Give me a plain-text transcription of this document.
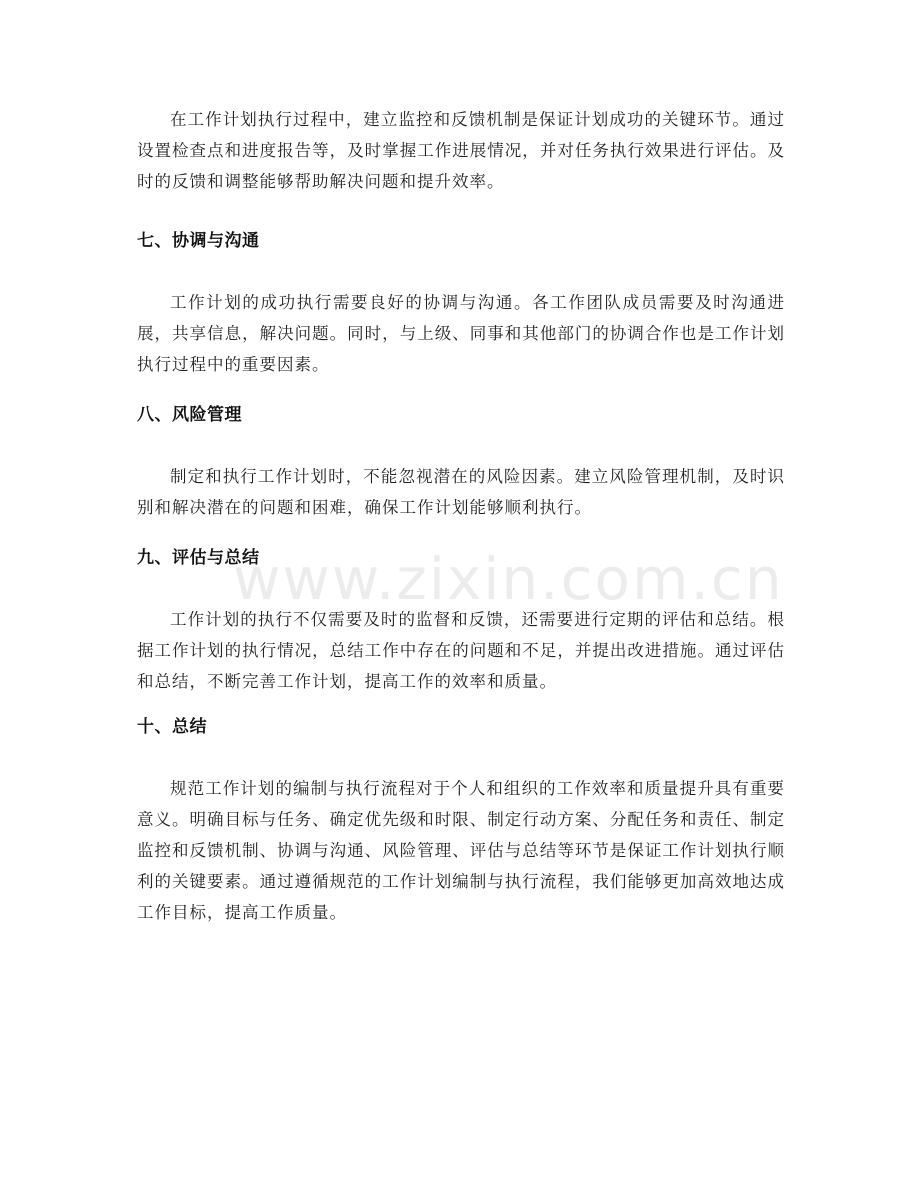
在工作计划执行过程中，建立监控和反馈机制是保证计划成功的关键环节。通过设置检查点和进度报告等，及时掌握工作进展情况，并对任务执行效果进行评估。及时的反馈和调整能够帮助解决问题和提升效率。

七、协调与沟通

工作计划的成功执行需要良好的协调与沟通。各工作团队成员需要及时沟通进展，共享信息，解决问题。同时，与上级、同事和其他部门的协调合作也是工作计划执行过程中的重要因素。

八、风险管理

制定和执行工作计划时，不能忽视潜在的风险因素。建立风险管理机制，及时识别和解决潜在的问题和困难，确保工作计划能够顺利执行。

九、评估与总结

工作计划的执行不仅需要及时的监督和反馈，还需要进行定期的评估和总结。根据工作计划的执行情况，总结工作中存在的问题和不足，并提出改进措施。通过评估和总结，不断完善工作计划，提高工作的效率和质量。

十、总结

规范工作计划的编制与执行流程对于个人和组织的工作效率和质量提升具有重要意义。明确目标与任务、确定优先级和时限、制定行动方案、分配任务和责任、制定监控和反馈机制、协调与沟通、风险管理、评估与总结等环节是保证工作计划执行顺利的关键要素。通过遵循规范的工作计划编制与执行流程，我们能够更加高效地达成工作目标，提高工作质量。

www.zixin.com.cn
